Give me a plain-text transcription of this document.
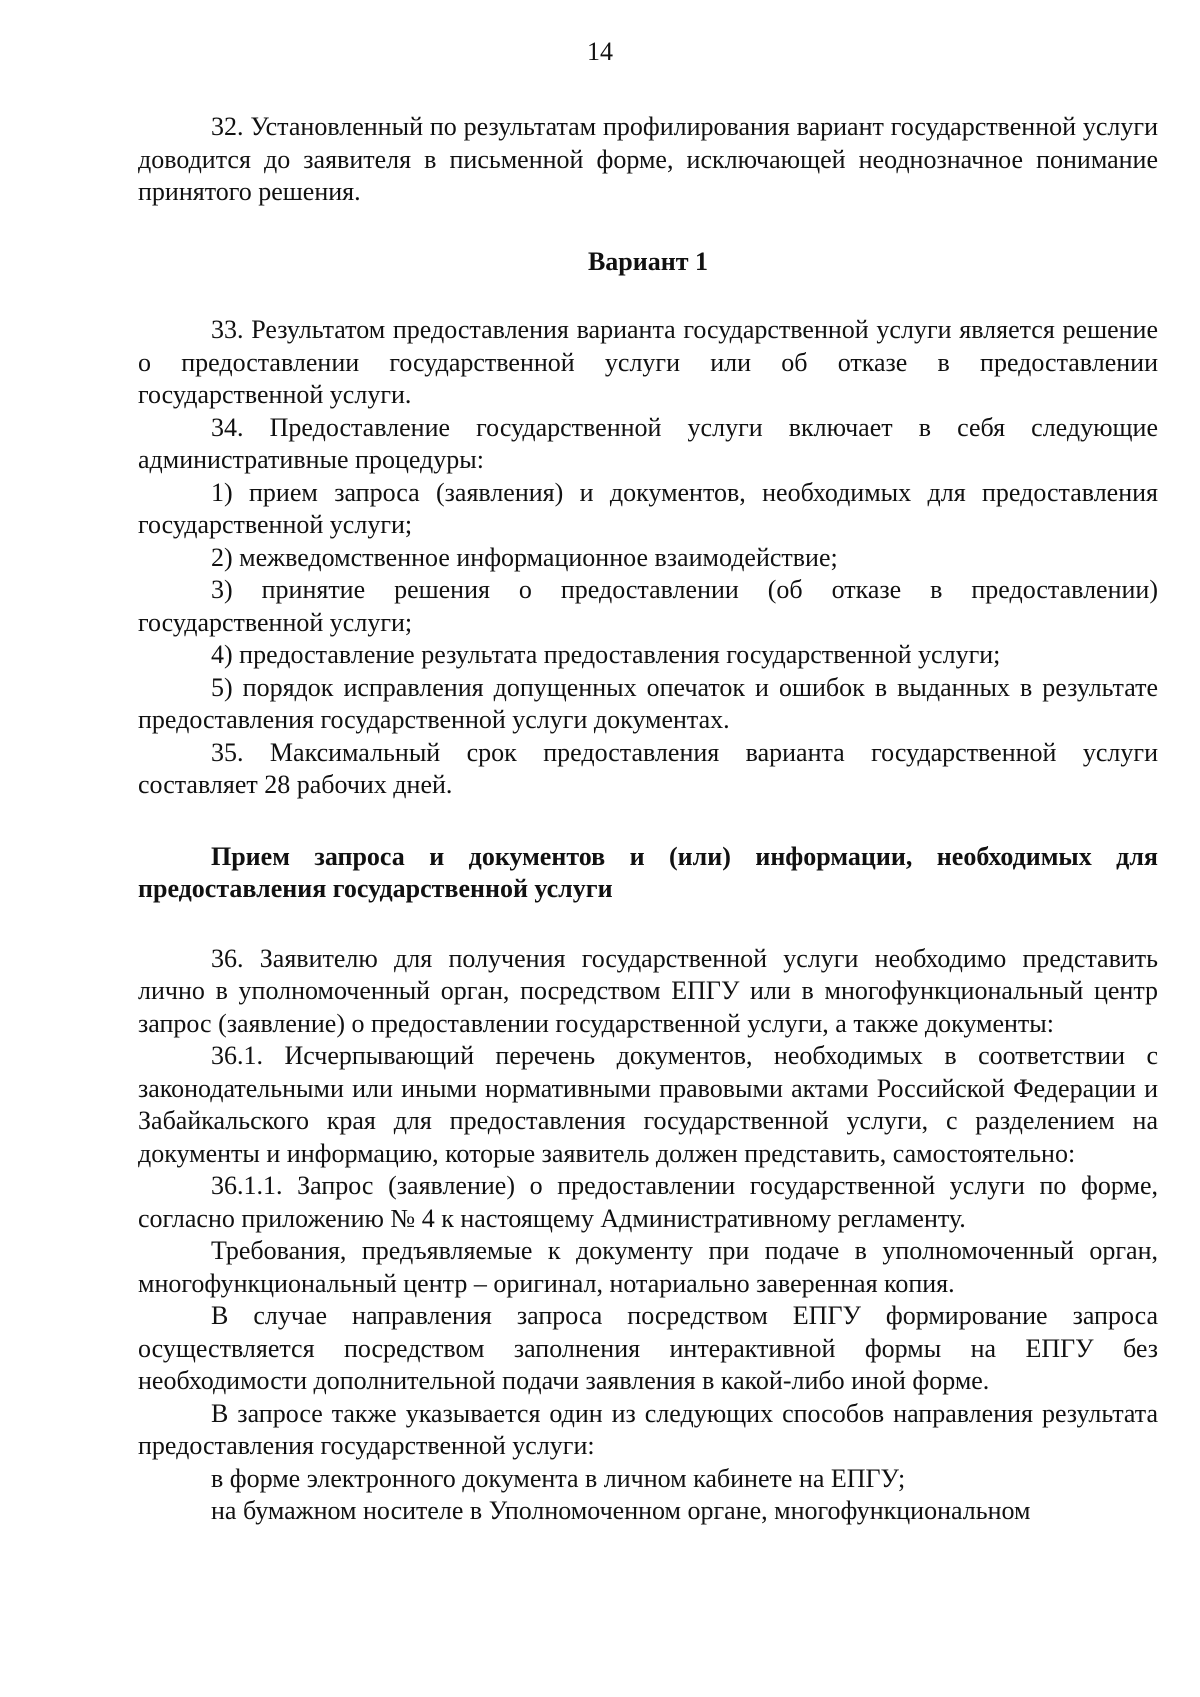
14

32. Установленный по результатам профилирования вариант государственной услуги доводится до заявителя в письменной форме, исключающей неоднозначное понимание принятого решения.

Вариант 1

33. Результатом предоставления варианта государственной услуги является решение о предоставлении государственной услуги или об отказе в предоставлении государственной услуги.

34. Предоставление государственной услуги включает в себя следующие административные процедуры:

1) прием запроса (заявления) и документов, необходимых для предоставления государственной услуги;

2) межведомственное информационное взаимодействие;

3) принятие решения о предоставлении (об отказе в предоставлении) государственной услуги;

4) предоставление результата предоставления государственной услуги;

5) порядок исправления допущенных опечаток и ошибок в выданных в результате предоставления государственной услуги документах.

35. Максимальный срок предоставления варианта государственной услуги составляет 28 рабочих дней.

Прием запроса и документов и (или) информации, необходимых для предоставления государственной услуги

36. Заявителю для получения государственной услуги необходимо представить лично в уполномоченный орган, посредством ЕПГУ или в многофункциональный центр запрос (заявление) о предоставлении государственной услуги, а также документы:

36.1. Исчерпывающий перечень документов, необходимых в соответствии с законодательными или иными нормативными правовыми актами Российской Федерации и Забайкальского края для предоставления государственной услуги, с разделением на документы и информацию, которые заявитель должен представить, самостоятельно:

36.1.1. Запрос (заявление) о предоставлении государственной услуги по форме, согласно приложению № 4 к настоящему Административному регламенту.

Требования, предъявляемые к документу при подаче в уполномоченный орган, многофункциональный центр – оригинал, нотариально заверенная копия.

В случае направления запроса посредством ЕПГУ формирование запроса осуществляется посредством заполнения интерактивной формы на ЕПГУ без необходимости дополнительной подачи заявления в какой-либо иной форме.

В запросе также указывается один из следующих способов направления результата предоставления государственной услуги:

в форме электронного документа в личном кабинете на ЕПГУ;

на бумажном носителе в Уполномоченном органе, многофункциональном
